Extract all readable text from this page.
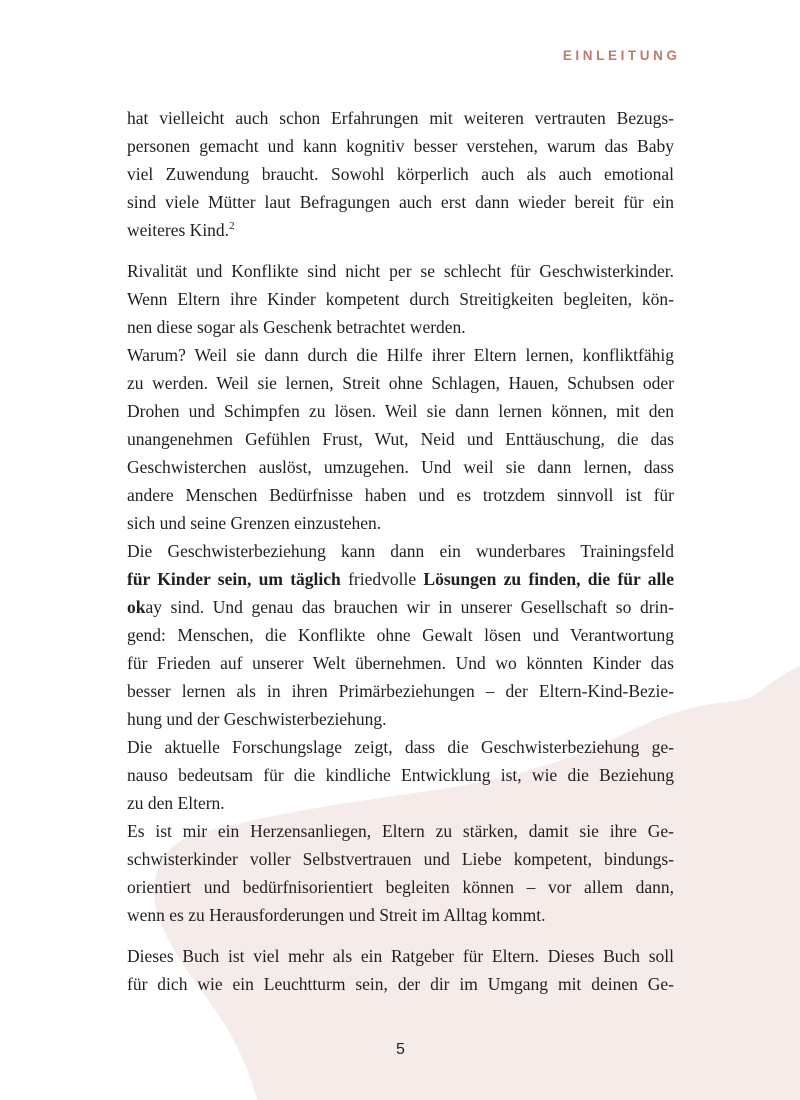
EINLEITUNG
hat vielleicht auch schon Erfahrungen mit weiteren vertrauten Bezugs-
personen gemacht und kann kognitiv besser verstehen, warum das Baby
viel Zuwendung braucht. Sowohl körperlich auch als auch emotional
sind viele Mütter laut Befragungen auch erst dann wieder bereit für ein
weiteres Kind.$^2$
Rivalität und Konflikte sind nicht per se schlecht für Geschwisterkinder.
Wenn Eltern ihre Kinder kompetent durch Streitigkeiten begleiten, kön-
nen diese sogar als Geschenk betrachtet werden.
Warum? Weil sie dann durch die Hilfe ihrer Eltern lernen, konfliktfähig
zu werden. Weil sie lernen, Streit ohne Schlagen, Hauen, Schubsen oder
Drohen und Schimpfen zu lösen. Weil sie dann lernen können, mit den
unangenehmen Gefühlen Frust, Wut, Neid und Enttäuschung, die das
Geschwisterchen auslöst, umzugehen. Und weil sie dann lernen, dass
andere Menschen Bedürfnisse haben und es trotzdem sinnvoll ist für
sich und seine Grenzen einzustehen.
Die Geschwisterbeziehung kann dann ein wunderbares Trainingsfeld
für Kinder sein, um täglich friedvolle Lösungen zu finden, die für alle
okay sind. Und genau das brauchen wir in unserer Gesellschaft so drin-
gend: Menschen, die Konflikte ohne Gewalt lösen und Verantwortung
für Frieden auf unserer Welt übernehmen. Und wo könnten Kinder das
besser lernen als in ihren Primärbeziehungen – der Eltern-Kind-Bezie-
hung und der Geschwisterbeziehung.
Die aktuelle Forschungslage zeigt, dass die Geschwisterbeziehung ge-
nauso bedeutsam für die kindliche Entwicklung ist, wie die Beziehung
zu den Eltern.
Es ist mir ein Herzensanliegen, Eltern zu stärken, damit sie ihre Ge-
schwisterkinder voller Selbstvertrauen und Liebe kompetent, bindungs-
orientiert und bedürfnisorientiert begleiten können – vor allem dann,
wenn es zu Herausforderungen und Streit im Alltag kommt.
Dieses Buch ist viel mehr als ein Ratgeber für Eltern. Dieses Buch soll
für dich wie ein Leuchtturm sein, der dir im Umgang mit deinen Ge-
5
